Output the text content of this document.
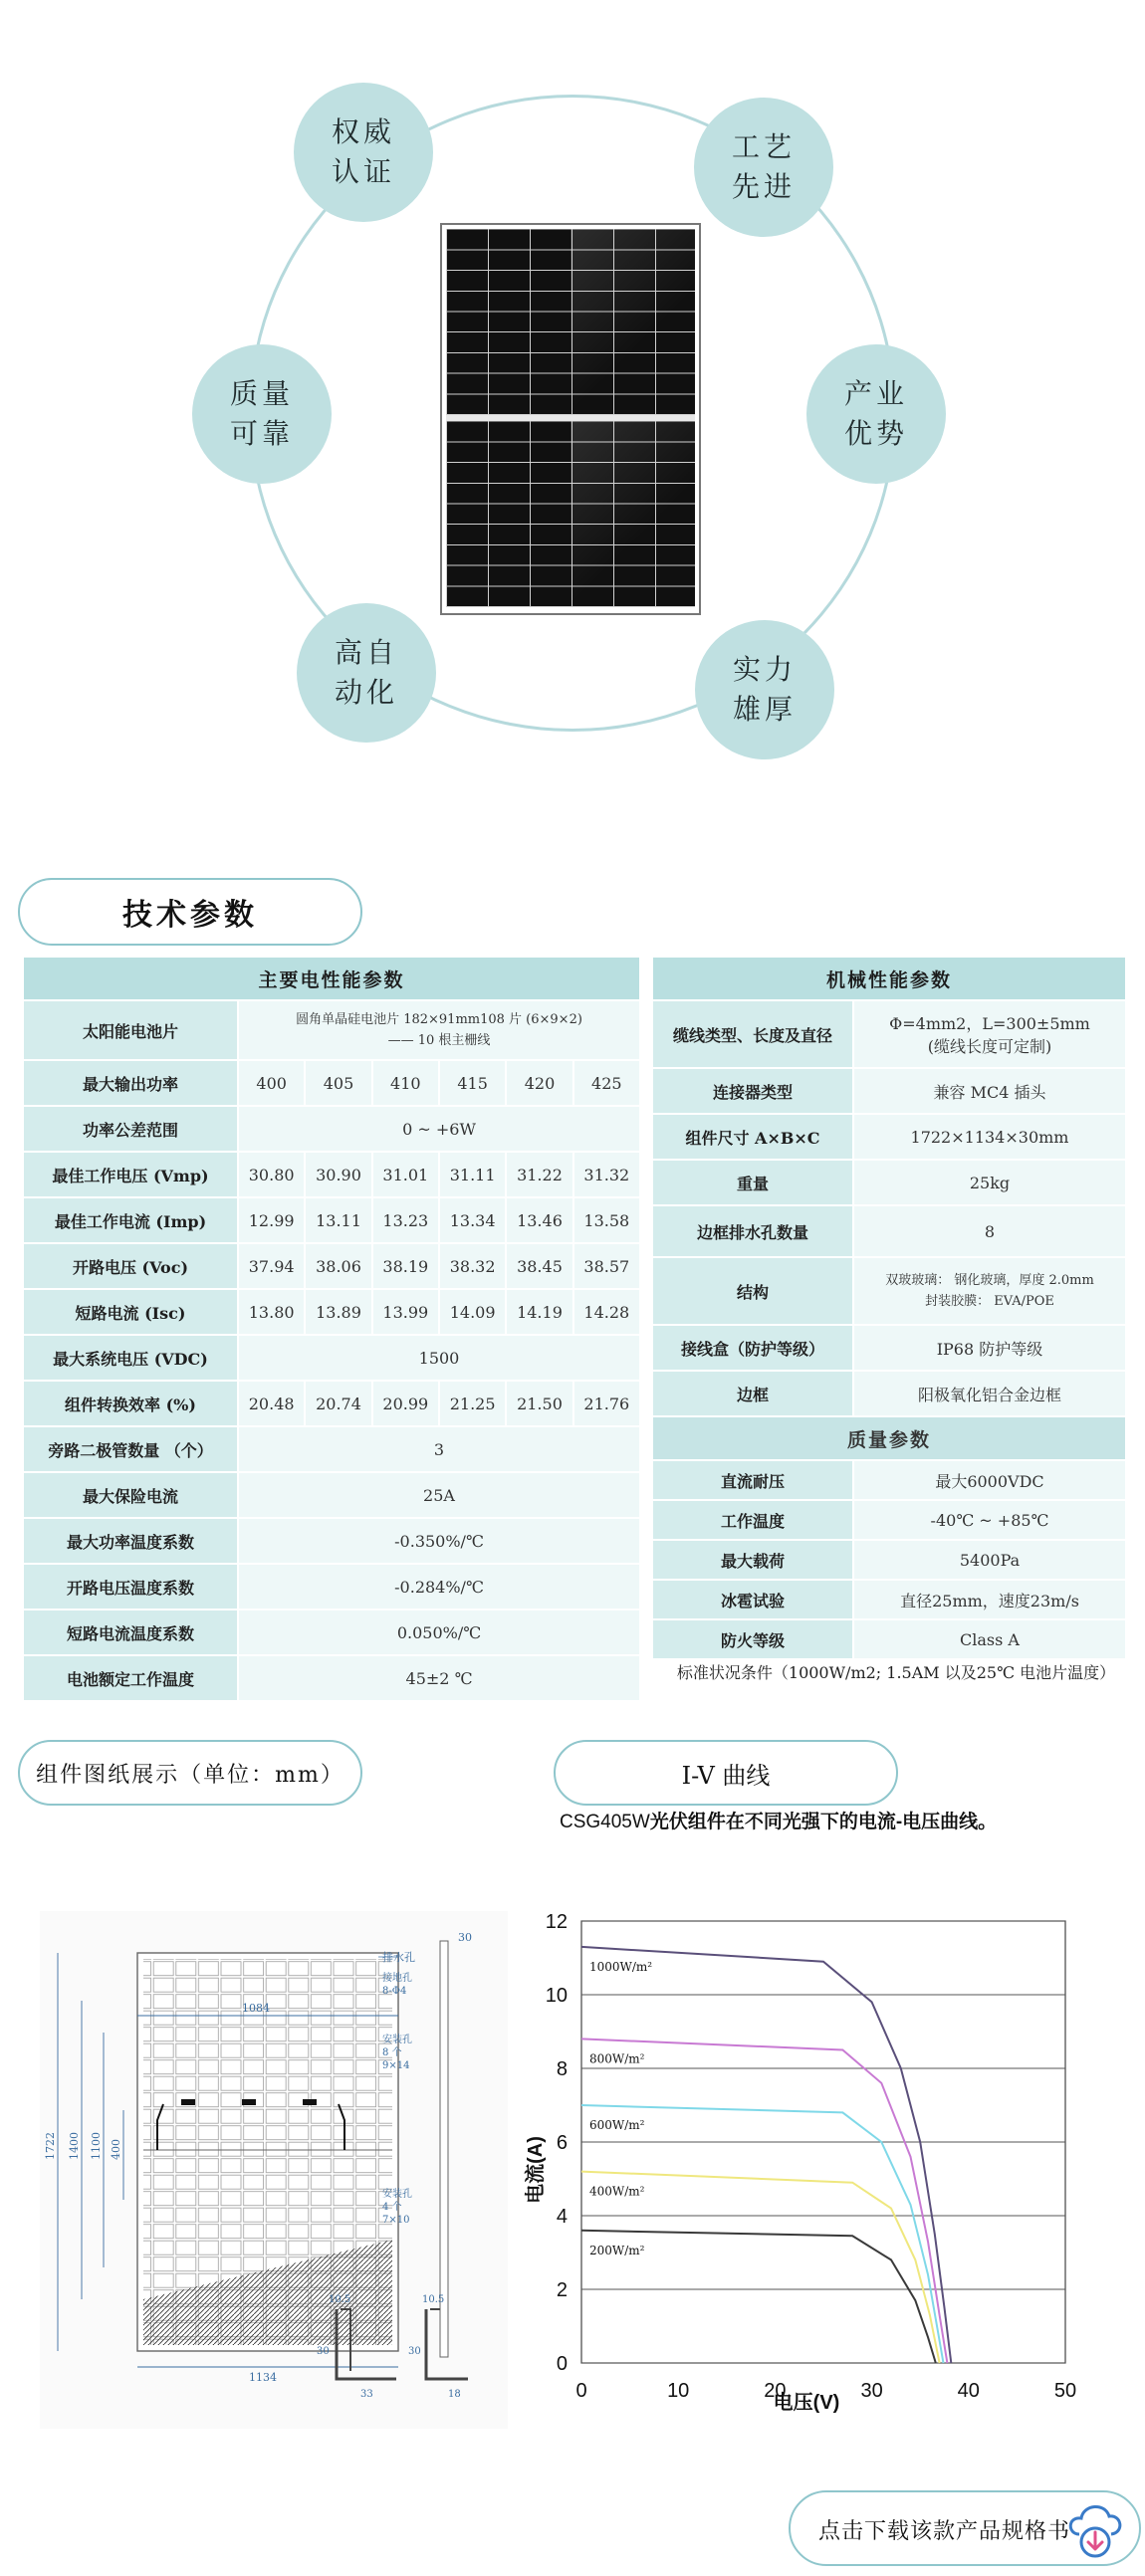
权威
认证
工艺
先进
质量
可靠
产业
优势
高自
动化
实力
雄厚
技术参数
主要电性能参数						
太阳能电池片	圆角单晶硅电池片 182×91mm108 片 (6×9×2)
—— 10 根主栅线					

最大输出功率	400	405	410	415	420	425
功率公差范围	0 ~ +6W					
最佳工作电压 (Vmp)	30.80	30.90	31.01	31.11	31.22	31.32
最佳工作电流 (Imp)	12.99	13.11	13.23	13.34	13.46	13.58
开路电压 (Voc)	37.94	38.06	38.19	38.32	38.45	38.57
短路电流 (Isc)	13.80	13.89	13.99	14.09	14.19	14.28
最大系统电压 (VDC)	1500					
组件转换效率 (%)	20.48	20.74	20.99	21.25	21.50	21.76
旁路二极管数量 （个）	3					
最大保险电流	25A					
最大功率温度系数	-0.350%/℃					
开路电压温度系数	-0.284%/℃					
短路电流温度系数	0.050%/℃					
电池额定工作温度	45±2 ℃					
机械性能参数	
缆线类型、长度及直径	Φ=4mm2，L=300±5mm
(缆线长度可定制)

连接器类型	兼容 MC4 插头
组件尺寸 A×B×C	1722×1134×30mm
重量	25kg
边框排水孔数量	8
结构	双玻玻璃： 钢化玻璃，厚度 2.0mm
封装胶膜： EVA/POE

接线盒（防护等级）	IP68 防护等级
边框	阳极氧化铝合金边框
质量参数	
直流耐压	最大6000VDC
工作温度	-40℃ ~ +85℃
最大载荷	5400Pa
冰雹试验	直径25mm，速度23m/s
防火等级	Class A
标准状况条件（1000W/m2; 1.5AM 以及25℃ 电池片温度）
组件图纸展示（单位：mm）	I-V 曲线
CSG405W光伏组件在不同光强下的电流-电压曲线。
30
1084
1722 1400 1100 400
1134
排水孔
接地孔
8-Φ4
安装孔
8 个
9×14
安装孔
4 个
7×10
10.5
30
33
10.5
30
18
1000W/m²
800W/m²
600W/m²
400W/m²
200W/m²
0
2
4
6
8
10
12
0	10	20	30	40	50
电压(V)
电流(A)
点击下载该款产品规格书
